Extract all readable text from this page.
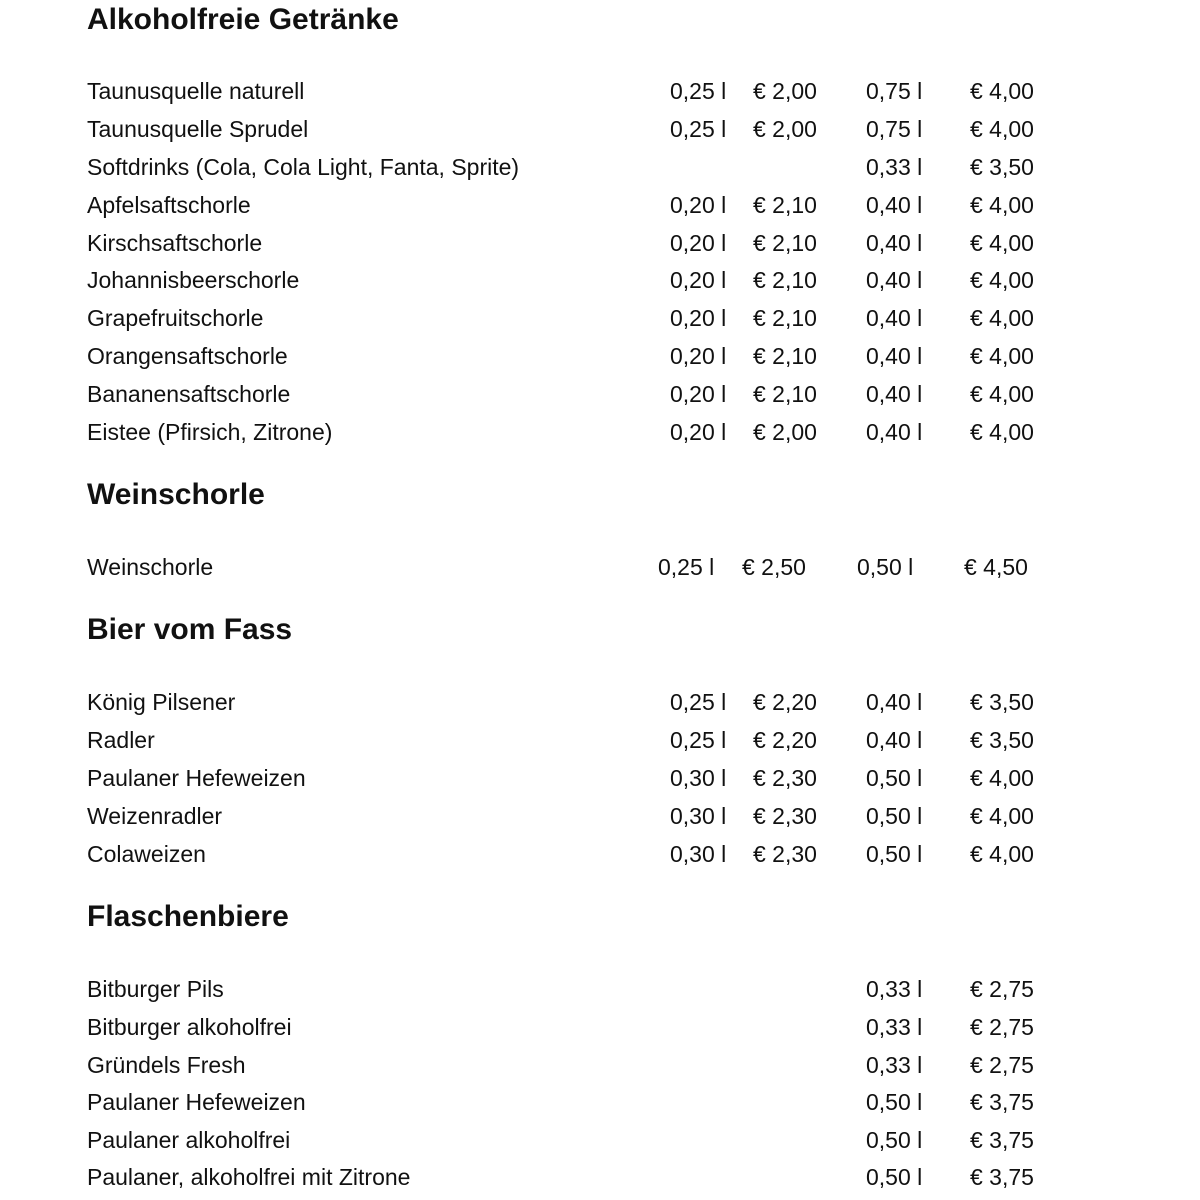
Alkoholfreie Getränke
Taunusquelle naturell	0,25 l € 2,00 0,75 l € 4,00
Taunusquelle Sprudel	0,25 l € 2,00 0,75 l € 4,00
Softdrinks (Cola, Cola Light, Fanta, Sprite)	0,33 l € 3,50
Apfelsaftschorle	0,20 l € 2,10 0,40 l € 4,00
Kirschsaftschorle	0,20 l € 2,10 0,40 l € 4,00
Johannisbeerschorle	0,20 l € 2,10 0,40 l € 4,00
Grapefruitschorle	0,20 l € 2,10 0,40 l € 4,00
Orangensaftschorle	0,20 l € 2,10 0,40 l € 4,00
Bananensaftschorle	0,20 l € 2,10 0,40 l € 4,00
Eistee (Pfirsich, Zitrone)	0,20 l € 2,00 0,40 l € 4,00
Weinschorle
Weinschorle	0,25 l € 2,50 0,50 l € 4,50
Bier vom Fass
König Pilsener	0,25 l € 2,20 0,40 l € 3,50
Radler	0,25 l € 2,20 0,40 l € 3,50
Paulaner Hefeweizen	0,30 l € 2,30 0,50 l € 4,00
Weizenradler	0,30 l € 2,30 0,50 l € 4,00
Colaweizen	0,30 l € 2,30 0,50 l € 4,00
Flaschenbiere
Bitburger Pils	0,33 l € 2,75
Bitburger alkoholfrei	0,33 l € 2,75
Gründels Fresh	0,33 l € 2,75
Paulaner Hefeweizen	0,50 l € 3,75
Paulaner alkoholfrei	0,50 l € 3,75
Paulaner, alkoholfrei mit Zitrone	0,50 l € 3,75
